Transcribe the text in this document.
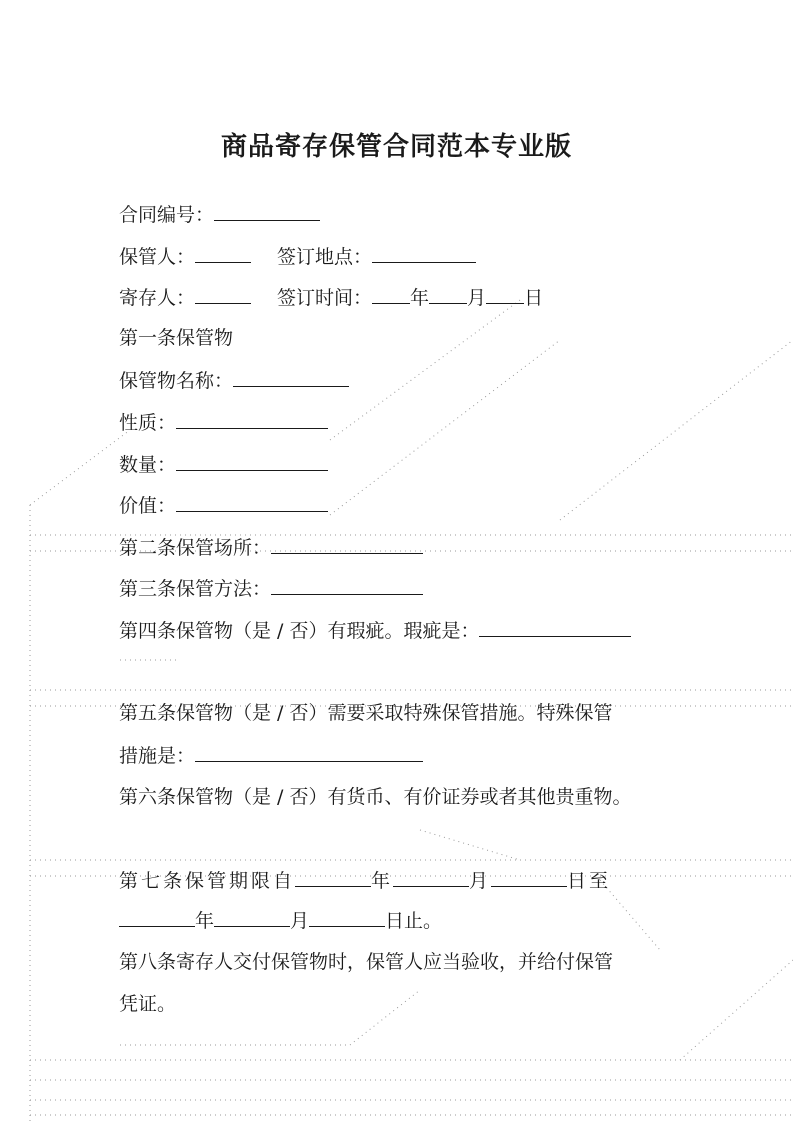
商品寄存保管合同范本专业版
合同编号：
保管人：	签订地点：
寄存人：	签订时间： 年 月 日
第一条保管物
保管物名称：
性质：
数量：
价值：
第二条保管场所：
第三条保管方法：
第四条保管物（是 / 否）有瑕疵。瑕疵是：
第五条保管物（是 / 否）需要采取特殊保管措施。特殊保管
措施是：
第六条保管物（是 / 否）有货币、有价证券或者其他贵重物。
第七条保管期限自	年	月	日至
年	月	日止。
第八条寄存人交付保管物时，保管人应当验收，并给付保管
凭证。
